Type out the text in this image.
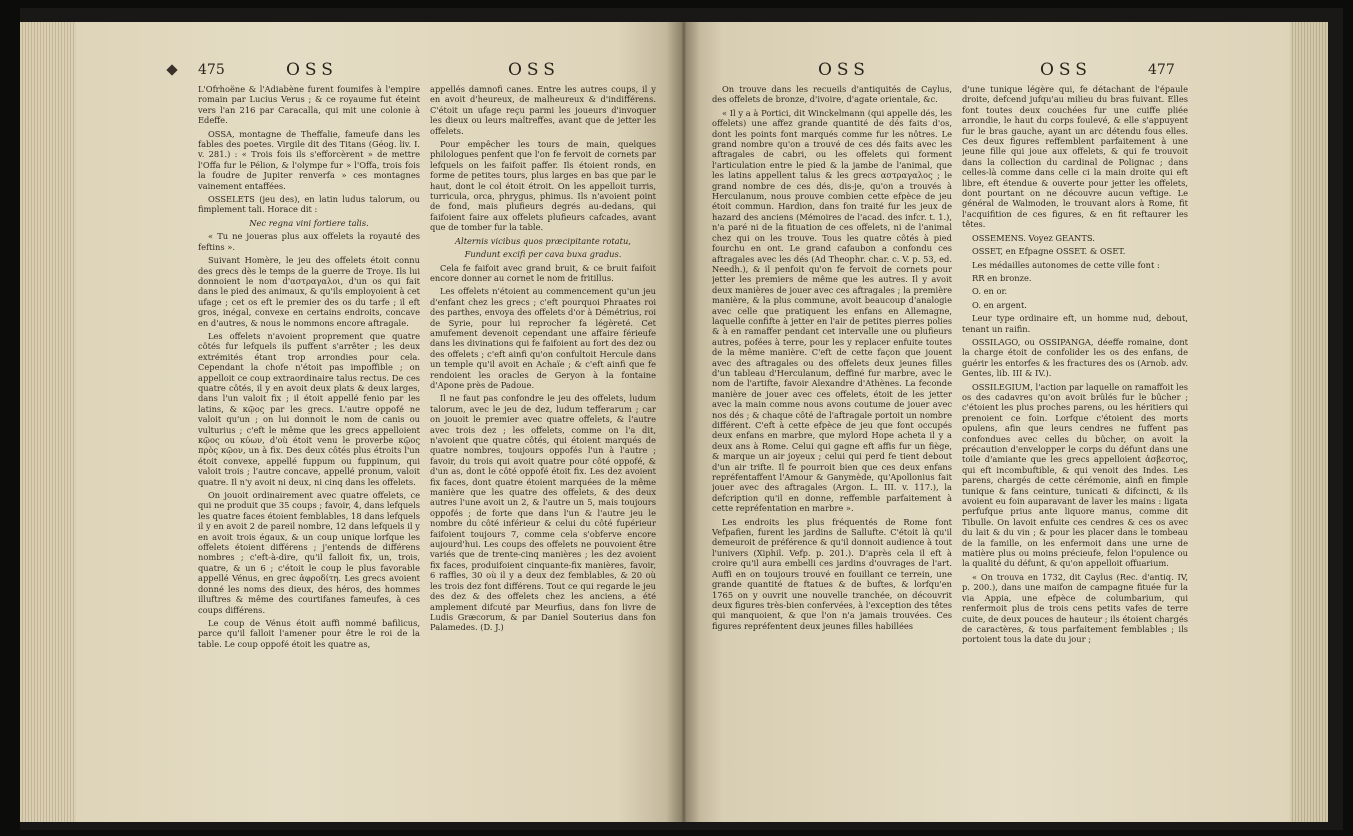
475	OSS	OSS

L'Ofrhoëne & l'Adiabène furent foumifes à l'empire romain par Lucius Verus ; & ce royaume fut éteint vers l'an 216 par Caracalla, qui mit une colonie à Edeffe.

OSSA, montagne de Theffalie, fameufe dans les fables des poetes. Virgile dit des Titans (Géog. liv. I. v. 281.) : « Trois fois ils s'efforcèrent » de mettre l'Offa fur le Pélion, & l'olympe fur » l'Offa, trois fois la foudre de Jupiter renverfa » ces montagnes vainement entaffées.

OSSELETS (jeu des), en latin ludus talorum, ou fimplement tali. Horace dit :

Nec regna vini fortiere talis.

« Tu ne joueras plus aux offelets la royauté des feftins ».

Suivant Homère, le jeu des offelets étoit connu des grecs dès le temps de la guerre de Troye. Ils lui donnoient le nom d'αστραγαλοι, d'un os qui fait dans le pied des animaux, & qu'ils employoient à cet ufage ; cet os eft le premier des os du tarfe ; il eft gros, inégal, convexe en certains endroits, concave en d'autres, & nous le nommons encore aftragale.

Les offelets n'avoient proprement que quatre côtés fur lefquels ils puffent s'arrêter ; les deux extrémités étant trop arrondies pour cela. Cependant la chofe n'étoit pas impoffible ; on appelloit ce coup extraordinaire talus rectus. De ces quatre côtés, il y en avoit deux plats & deux larges, dans l'un valoit fix ; il étoit appellé fenio par les latins, & κῷος par les grecs. L'autre oppofé ne valoit qu'un ; on lui donnoit le nom de canis ou vulturius ; c'eft le même que les grecs appelloient κῷος ou κύων, d'où étoit venu le proverbe κῷος πρὸς κῷον, un à fix. Des deux côtés plus étroits l'un étoit convexe, appellé fuppum ou fuppinum, qui valoit trois ; l'autre concave, appellé pronum, valoit quatre. Il n'y avoit ni deux, ni cinq dans les offelets.

On jouoit ordinairement avec quatre offelets, ce qui ne produit que 35 coups ; favoir, 4, dans lefquels les quatre faces étoient femblables, 18 dans lefquels il y en avoit 2 de pareil nombre, 12 dans lefquels il y en avoit trois égaux, & un coup unique lorfque les offelets étoient différens ; j'entends de différens nombres ; c'eft-à-dire, qu'il falloit fix, un, trois, quatre, & un 6 ; c'étoit le coup le plus favorable appellé Vénus, en grec ἀφροδίτη. Les grecs avoient donné les noms des dieux, des héros, des hommes illuftres & même des courtifanes fameufes, à ces coups différens.

Le coup de Vénus étoit auffi nommé bafilicus, parce qu'il falloit l'amener pour être le roi de la table. Le coup oppofé étoit les quatre as,

appellés damnofi canes. Entre les autres coups, il y en avoit d'heureux, de malheureux & d'indifférens. C'étoit un ufage reçu parmi les joueurs d'invoquer les dieux ou leurs maîtreffes, avant que de jetter les offelets.

Pour empêcher les tours de main, quelques philologues penfent que l'on fe fervoit de cornets par lefquels on les faifoit paffer. Ils étoient ronds, en forme de petites tours, plus larges en bas que par le haut, dont le col étoit étroit. On les appelloit turris, turricula, orca, phrygus, phimus. Ils n'avoient point de fond, mais plufieurs degrés au-dedans, qui faifoient faire aux offelets plufieurs cafcades, avant que de tomber fur la table.

Alternis vicibus quos præcipitante rotatu,

Fundunt excifi per cava buxa gradus.

Cela fe faifoit avec grand bruit, & ce bruit faifoit encore donner au cornet le nom de fritillus.

Les offelets n'étoient au commencement qu'un jeu d'enfant chez les grecs ; c'eft pourquoi Phraates roi des parthes, envoya des offelets d'or à Démétrius, roi de Syrie, pour lui reprocher fa légèreté. Cet amufement devenoit cependant une affaire férieufe dans les divinations qui fe faifoient au fort des dez ou des offelets ; c'eft ainfi qu'on confultoit Hercule dans un temple qu'il avoit en Achaïe ; & c'eft ainfi que fe rendoient les oracles de Geryon à la fontaine d'Apone près de Padoue.

Il ne faut pas confondre le jeu des offelets, ludum talorum, avec le jeu de dez, ludum tefferarum ; car on jouoit le premier avec quatre offelets, & l'autre avec trois dez ; les offelets, comme on l'a dit, n'avoient que quatre côtés, qui étoient marqués de quatre nombres, toujours oppofés l'un à l'autre ; favoir, du trois qui avoit quatre pour côté oppofé, & d'un as, dont le côté oppofé étoit fix. Les dez avoient fix faces, dont quatre étoient marquées de la même manière que les quatre des offelets, & des deux autres l'une avoit un 2, & l'autre un 5, mais toujours oppofés ; de forte que dans l'un & l'autre jeu le nombre du côté inférieur & celui du côté fupérieur faifoient toujours 7, comme cela s'obferve encore aujourd'hui. Les coups des offelets ne pouvoient être variés que de trente-cinq manières ; les dez avoient fix faces, produifoient cinquante-fix manières, favoir, 6 raffles, 30 où il y a deux dez femblables, & 20 où les trois dez font différens. Tout ce qui regarde le jeu des dez & des offelets chez les anciens, a été amplement difcuté par Meurfius, dans fon livre de Ludis Græcorum, & par Daniel Souterius dans fon Palamedes. (D. J.)

OSS	OSS	477

On trouve dans les recueils d'antiquités de Caylus, des offelets de bronze, d'ivoire, d'agate orientale, &c.

« Il y a à Portici, dit Winckelmann (qui appelle dés, les offelets) une affez grande quantité de dés faits d'os, dont les points font marqués comme fur les nôtres. Le grand nombre qu'on a trouvé de ces dés faits avec les aftragales de cabri, ou les offelets qui forment l'articulation entre le pied & la jambe de l'animal, que les latins appellent talus & les grecs αστραγαλος ; le grand nombre de ces dés, dis-je, qu'on a trouvés à Herculanum, nous prouve combien cette efpèce de jeu étoit commun. Hardion, dans fon traité fur les jeux de hazard des anciens (Mémoires de l'acad. des infcr. t. 1.), n'a paré ni de la fituation de ces offelets, ni de l'animal chez qui on les trouve. Tous les quatre côtés à pied fourchu en ont. Le grand cafaubon a confondu ces aftragales avec les dés (Ad Theophr. char. c. V. p. 53, ed. Needh.), & il penfoit qu'on fe fervoit de cornets pour jetter les premiers de même que les autres. Il y avoit deux manières de jouer avec ces aftragales ; la première manière, & la plus commune, avoit beaucoup d'analogie avec celle que pratiquent les enfans en Allemagne, laquelle confifte à jetter en l'air de petites pierres polies & à en ramaffer pendant cet intervalle une ou plufieurs autres, pofées à terre, pour les y replacer enfuite toutes de la même manière. C'eft de cette façon que jouent avec des aftragales ou des offelets deux jeunes filles d'un tableau d'Herculanum, deffiné fur marbre, avec le nom de l'artifte, favoir Alexandre d'Athènes. La feconde manière de jouer avec ces offelets, étoit de les jetter avec la main comme nous avons coutume de jouer avec nos dés ; & chaque côté de l'aftragale portoit un nombre différent. C'eft à cette efpèce de jeu que font occupés deux enfans en marbre, que mylord Hope acheta il y a deux ans à Rome. Celui qui gagne eft affis fur un fiège, & marque un air joyeux ; celui qui perd fe tient debout d'un air trifte. Il fe pourroit bien que ces deux enfans repréfentaffent l'Amour & Ganymède, qu'Apollonius fait jouer avec des aftragales (Argon. L. III. v. 117.), la defcription qu'il en donne, reffemble parfaitement à cette repréfentation en marbre ».

Les endroits les plus fréquentés de Rome font Vefpafien, furent les jardins de Sallufte. C'étoit là qu'il demeuroit de préférence & qu'il donnoit audience à tout l'univers (Xiphil. Vefp. p. 201.). D'après cela il eft à croire qu'il aura embelli ces jardins d'ouvrages de l'art. Auffi en on toujours trouvé en fouillant ce terrein, une grande quantité de ftatues & de buftes, & lorfqu'en 1765 on y ouvrit une nouvelle tranchée, on découvrit deux figures très-bien confervées, à l'exception des têtes qui manquoient, & que l'on n'a jamais trouvées. Ces figures repréfentent deux jeunes filles habillées

d'une tunique légère qui, fe détachant de l'épaule droite, defcend jufqu'au milieu du bras fuivant. Elles font toutes deux couchées fur une cuiffe pliée arrondie, le haut du corps foulevé, & elle s'appuyent fur le bras gauche, ayant un arc détendu fous elles. Ces deux figures reffemblent parfaitement à une jeune fille qui joue aux offelets, & qui fe trouvoit dans la collection du cardinal de Polignac ; dans celles-là comme dans celle ci la main droite qui eft libre, eft étendue & ouverte pour jetter les offelets, dont pourtant on ne découvre aucun veftige. Le général de Walmoden, le trouvant alors à Rome, fit l'acquifition de ces figures, & en fit reftaurer les têtes.

OSSEMENS. Voyez GEANTS.

OSSET, en Efpagne OSSET. & OSET.

Les médailles autonomes de cette ville font :

RR en bronze.

O. en or.

O. en argent.

Leur type ordinaire eft, un homme nud, debout, tenant un raifin.

OSSILAGO, ou OSSIPANGA, déeffe romaine, dont la charge étoit de confolider les os des enfans, de guérir les entorfes & les fractures des os (Arnob. adv. Gentes, lib. III & IV.).

OSSILEGIUM, l'action par laquelle on ramaffoit les os des cadavres qu'on avoit brûlés fur le bûcher ; c'étoient les plus proches parens, ou les héritiers qui prenoient ce foin. Lorfque c'étoient des morts opulens, afin que leurs cendres ne fuffent pas confondues avec celles du bûcher, on avoit la précaution d'envelopper le corps du défunt dans une toile d'amiante que les grecs appelloient ἀσβεστος, qui eft incombuftible, & qui venoit des Indes. Les parens, chargés de cette cérémonie, ainfi en fimple tunique & fans ceinture, tunicati & difcincti, & ils avoient eu foin auparavant de laver les mains : ligata perfufque prius ante liquore manus, comme dit Tibulle. On lavoit enfuite ces cendres & ces os avec du lait & du vin ; & pour les placer dans le tombeau de la famille, on les enfermoit dans une urne de matière plus ou moins précieufe, felon l'opulence ou la qualité du défunt, & qu'on appelloit offuarium.

« On trouva en 1732, dit Caylus (Rec. d'antiq. IV, p. 200.), dans une maifon de campagne fituée fur la via Appia, une efpèce de columbarium, qui renfermoit plus de trois cens petits vafes de terre cuite, de deux pouces de hauteur ; ils étoient chargés de caractères, & tous parfaitement femblables ; ils portoient tous la date du jour ;
